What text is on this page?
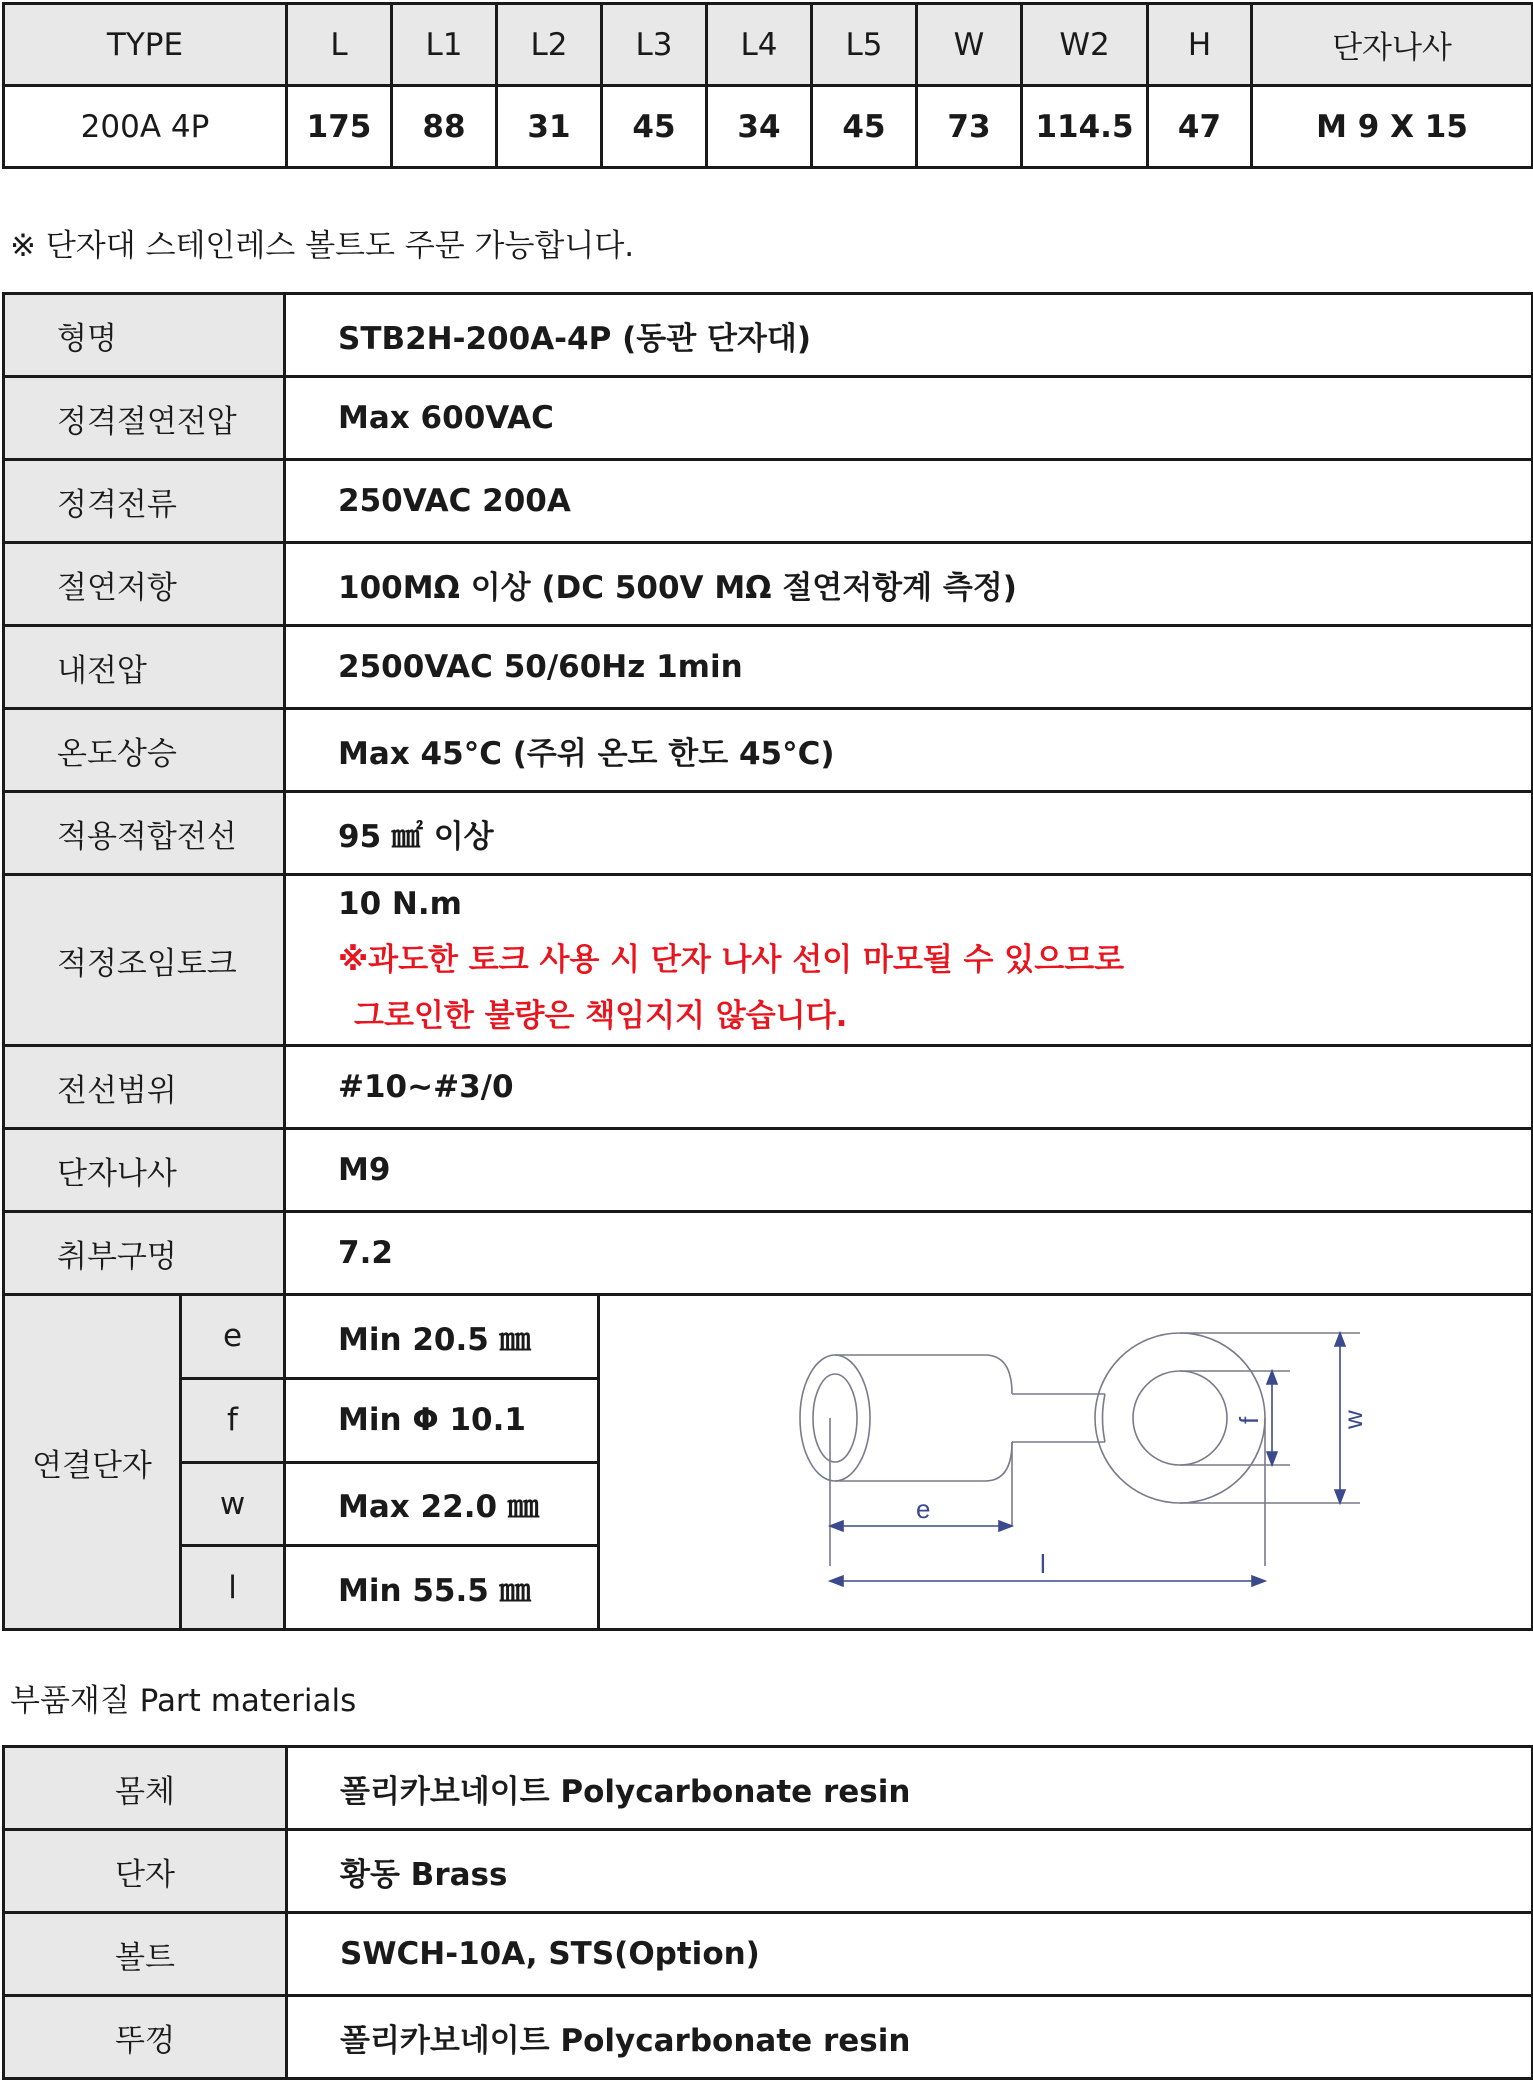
TYPE	L	L1	L2	L3	L4	L5	W	W2	H	단자나사
200A 4P	175	88	31	45	34	45	73	114.5	47	M 9 X 15
※ 단자대 스테인레스 볼트도 주문 가능합니다.
형명		STB2H-200A-4P (동관 단자대)	
정격절연전압		Max 600VAC	
정격전류		250VAC 200A	
절연저항		100MΩ 이상 (DC 500V MΩ 절연저항계 측정)	
내전압		2500VAC 50/60Hz 1min	
온도상승		Max 45°C (주위 온도 한도 45°C)	
적용적합전선		95 ㎟ 이상	
적정조임토크		10 N.m
※과도한 토크 사용 시 단자 나사 선이 마모될 수 있으므로
그로인한 불량은 책임지지 않습니다.	

전선범위		#10~#3/0	
단자나사		M9	
취부구멍		7.2	
연결단자	e	Min 20.5 ㎜	e
l
f w

	f	Min Φ 10.1	
	w	Max 22.0 ㎜	
	l	Min 55.5 ㎜	
부품재질 Part materials
몸체	폴리카보네이트 Polycarbonate resin
단자	황동 Brass
볼트	SWCH-10A, STS(Option)
뚜껑	폴리카보네이트 Polycarbonate resin
